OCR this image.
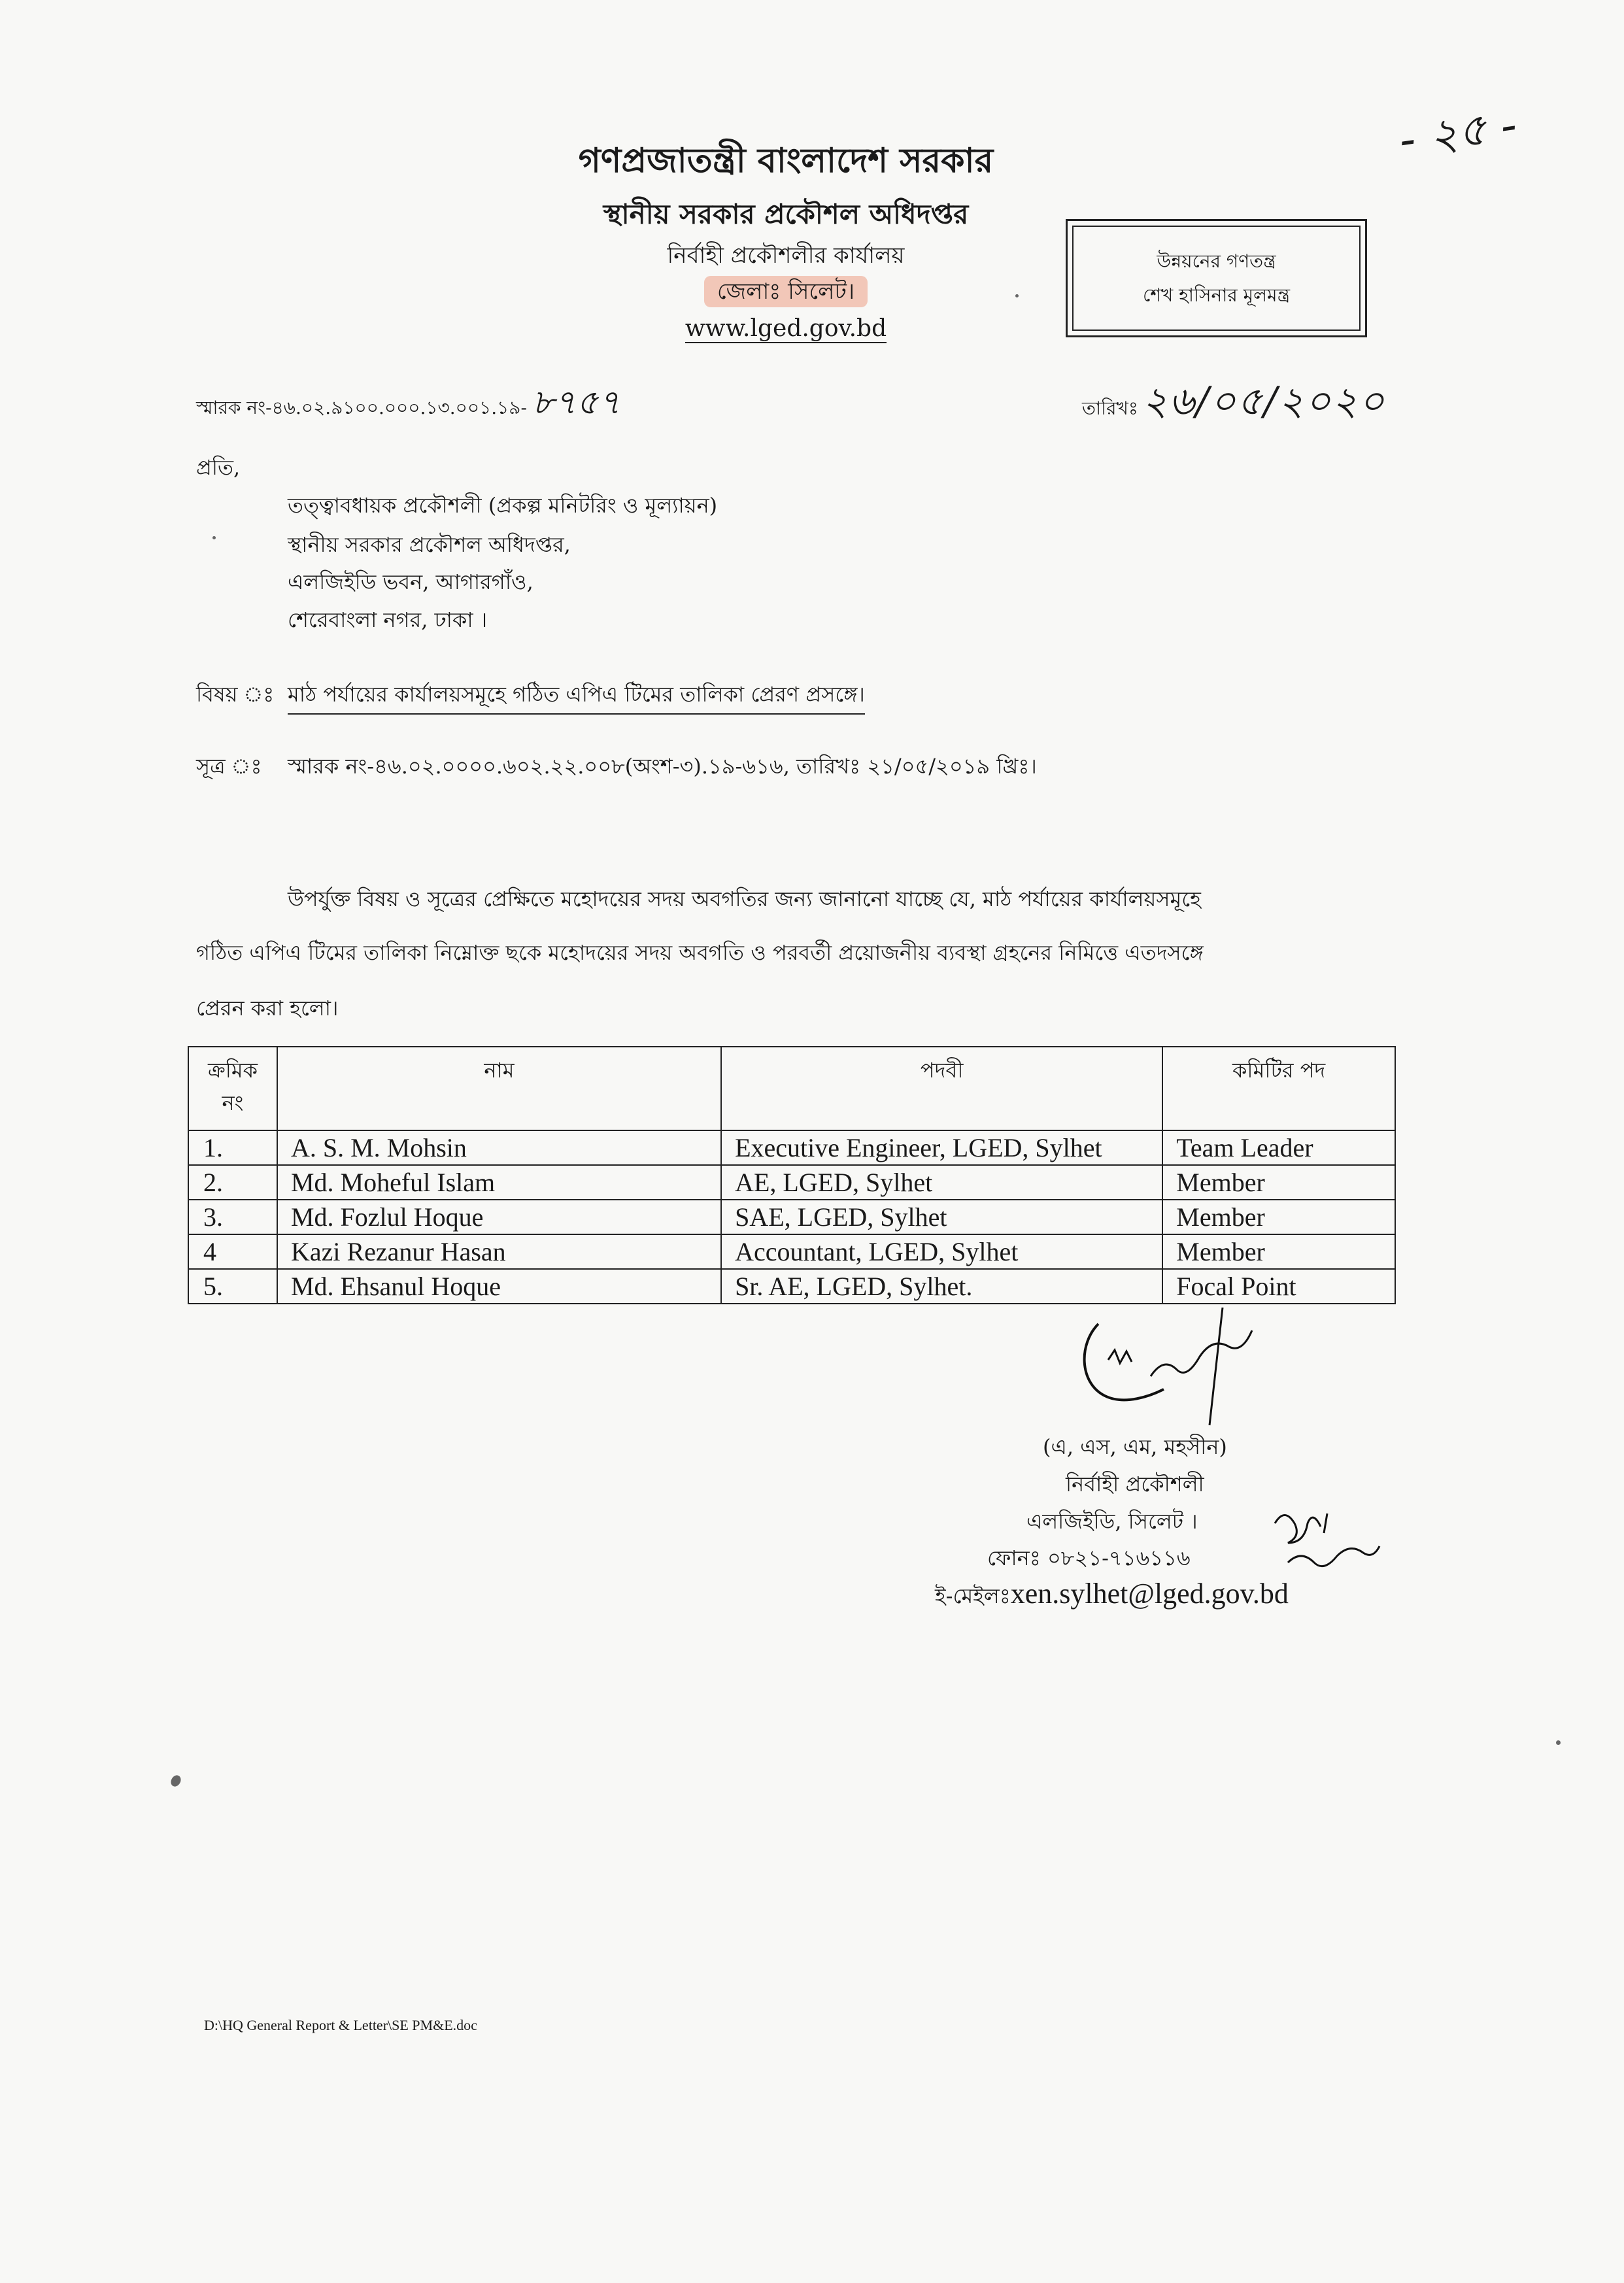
- ২৫ -
গণপ্রজাতন্ত্রী বাংলাদেশ সরকার
স্থানীয় সরকার প্রকৌশল অধিদপ্তর
নির্বাহী প্রকৌশলীর কার্যালয়
জেলাঃ সিলেট।
www.lged.gov.bd
উন্নয়নের গণতন্ত্র
শেখ হাসিনার মূলমন্ত্র
স্মারক নং-৪৬.০২.৯১০০.০০০.১৩.০০১.১৯- ৮৭৫৭	তারিখঃ ২৬/০৫/২০২০
প্রতি,
তত্ত্বাবধায়ক প্রকৌশলী (প্রকল্প মনিটরিং ও মূল্যায়ন)
স্থানীয় সরকার প্রকৌশল অধিদপ্তর,
এলজিইডি ভবন, আগারগাঁও,
শেরেবাংলা নগর, ঢাকা ।
বিষয় ঃ মাঠ পর্যায়ের কার্যালয়সমূহে গঠিত এপিএ টিমের তালিকা প্রেরণ প্রসঙ্গে।
সূত্র ঃ স্মারক নং-৪৬.০২.০০০০.৬০২.২২.০০৮(অংশ-৩).১৯-৬১৬, তারিখঃ ২১/০৫/২০১৯ খ্রিঃ।
উপর্যুক্ত বিষয় ও সূত্রের প্রেক্ষিতে মহোদয়ের সদয় অবগতির জন্য জানানো যাচ্ছে যে, মাঠ পর্যায়ের কার্যালয়সমূহে
গঠিত এপিএ টিমের তালিকা নিম্নোক্ত ছকে মহোদয়ের সদয় অবগতি ও পরবর্তী প্রয়োজনীয় ব্যবস্থা গ্রহনের নিমিত্তে এতদসঙ্গে
প্রেরন করা হলো।
ক্রমিক নং	নাম	পদবী	কমিটির পদ
1.	A. S. M. Mohsin	Executive Engineer, LGED, Sylhet	Team Leader
2.	Md. Moheful Islam	AE, LGED, Sylhet	Member
3.	Md. Fozlul Hoque	SAE, LGED, Sylhet	Member
4	Kazi Rezanur Hasan	Accountant, LGED, Sylhet	Member
5.	Md. Ehsanul Hoque	Sr. AE, LGED, Sylhet.	Focal Point
(এ, এস, এম, মহসীন)
নির্বাহী প্রকৌশলী
এলজিইডি, সিলেট ।
ফোনঃ ০৮২১-৭১৬১১৬
ই-মেইলঃxen.sylhet@lged.gov.bd
D:\HQ General Report & Letter\SE PM&E.doc
